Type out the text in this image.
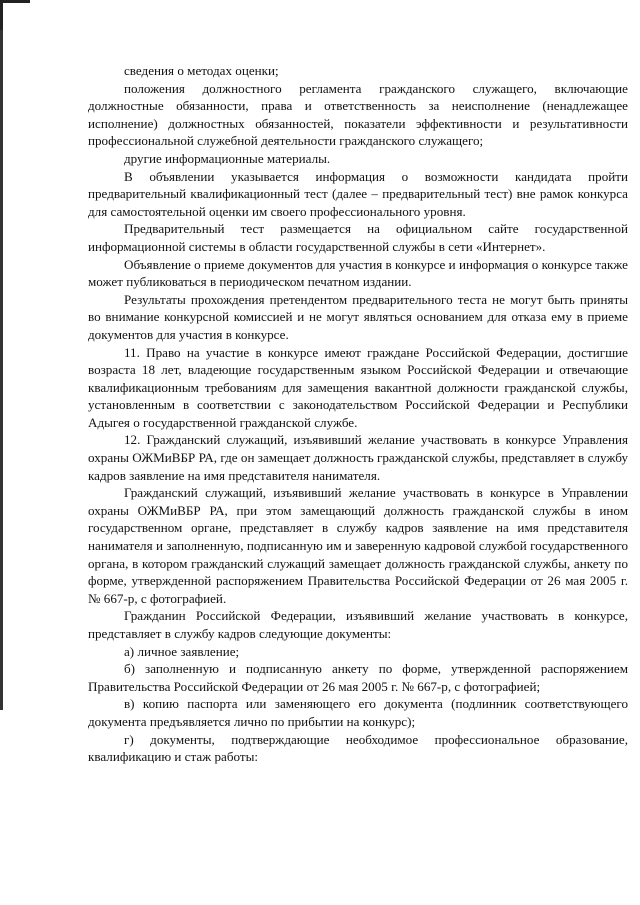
сведения о методах оценки;

положения должностного регламента гражданского служащего, включающие должностные обязанности, права и ответственность за неисполнение (ненадлежащее исполнение) должностных обязанностей, показатели эффективности и результативности профессиональной служебной деятельности гражданского служащего;

другие информационные материалы.

В объявлении указывается информация о возможности кандидата пройти предварительный квалификационный тест (далее – предварительный тест) вне рамок конкурса для самостоятельной оценки им своего профессионального уровня.

Предварительный тест размещается на официальном сайте государственной информационной системы в области государственной службы в сети «Интернет».

Объявление о приеме документов для участия в конкурсе и информация о конкурсе также может публиковаться в периодическом печатном издании.

Результаты прохождения претендентом предварительного теста не могут быть приняты во внимание конкурсной комиссией и не могут являться основанием для отказа ему в приеме документов для участия в конкурсе.

11. Право на участие в конкурсе имеют граждане Российской Федерации, достигшие возраста 18 лет, владеющие государственным языком Российской Федерации и отвечающие квалификационным требованиям для замещения вакантной должности гражданской службы, установленным в соответствии с законодательством Российской Федерации и Республики Адыгея о государственной гражданской службе.

12. Гражданский служащий, изъявивший желание участвовать в конкурсе Управления охраны ОЖМиВБР РА, где он замещает должность гражданской службы, представляет в службу кадров заявление на имя представителя нанимателя.

Гражданский служащий, изъявивший желание участвовать в конкурсе в Управлении охраны ОЖМиВБР РА, при этом замещающий должность гражданской службы в ином государственном органе, представляет в службу кадров заявление на имя представителя нанимателя и заполненную, подписанную им и заверенную кадровой службой государственного органа, в котором гражданский служащий замещает должность гражданской службы, анкету по форме, утвержденной распоряжением Правительства Российской Федерации от 26 мая 2005 г. № 667-р, с фотографией.

Гражданин Российской Федерации, изъявивший желание участвовать в конкурсе, представляет в службу кадров следующие документы:

а) личное заявление;

б) заполненную и подписанную анкету по форме, утвержденной распоряжением Правительства Российской Федерации от 26 мая 2005 г. № 667-р, с фотографией;

в) копию паспорта или заменяющего его документа (подлинник соответствующего документа предъявляется лично по прибытии на конкурс);

г) документы, подтверждающие необходимое профессиональное образование, квалификацию и стаж работы:
